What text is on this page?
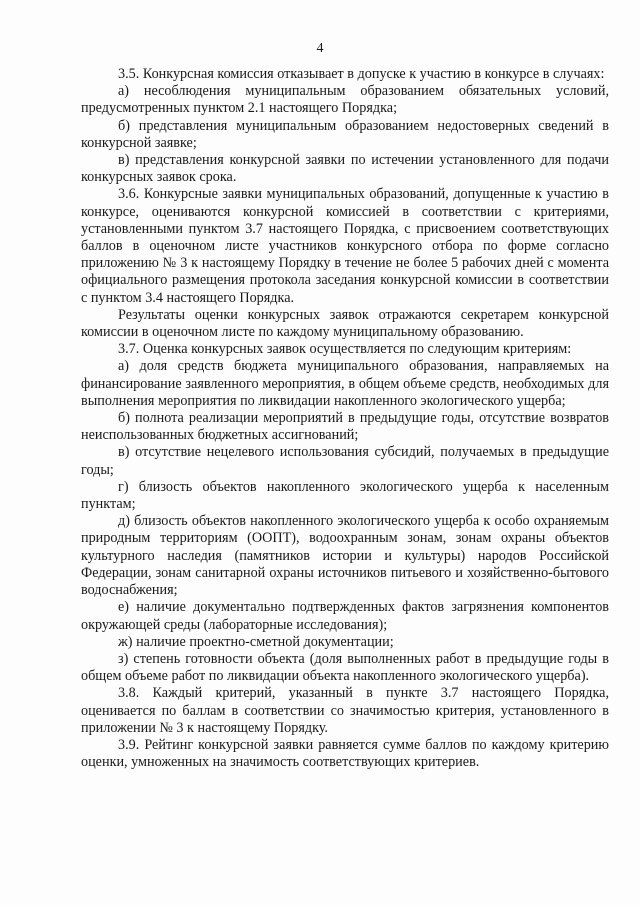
4

3.5. Конкурсная комиссия отказывает в допуске к участию в конкурсе в случаях:

а) несоблюдения муниципальным образованием обязательных условий, предусмотренных пунктом 2.1 настоящего Порядка;

б) представления муниципальным образованием недостоверных сведений в конкурсной заявке;

в) представления конкурсной заявки по истечении установленного для подачи конкурсных заявок срока.

3.6. Конкурсные заявки муниципальных образований, допущенные к участию в конкурсе, оцениваются конкурсной комиссией в соответствии с критериями, установленными пунктом 3.7 настоящего Порядка, с присвоением соответствующих баллов в оценочном листе участников конкурсного отбора по форме согласно приложению № 3 к настоящему Порядку в течение не более 5 рабочих дней с момента официального размещения протокола заседания конкурсной комиссии в соответствии с пунктом 3.4 настоящего Порядка.

Результаты оценки конкурсных заявок отражаются секретарем конкурсной комиссии в оценочном листе по каждому муниципальному образованию.

3.7. Оценка конкурсных заявок осуществляется по следующим критериям:

а) доля средств бюджета муниципального образования, направляемых на финансирование заявленного мероприятия, в общем объеме средств, необходимых для выполнения мероприятия по ликвидации накопленного экологического ущерба;

б) полнота реализации мероприятий в предыдущие годы, отсутствие возвратов неиспользованных бюджетных ассигнований;

в) отсутствие нецелевого использования субсидий, получаемых в предыдущие годы;

г) близость объектов накопленного экологического ущерба к населенным пунктам;

д) близость объектов накопленного экологического ущерба к особо охраняемым природным территориям (ООПТ), водоохранным зонам, зонам охраны объектов культурного наследия (памятников истории и культуры) народов Российской Федерации, зонам санитарной охраны источников питьевого и хозяйственно-бытового водоснабжения;

е) наличие документально подтвержденных фактов загрязнения компонентов окружающей среды (лабораторные исследования);

ж) наличие проектно-сметной документации;

з) степень готовности объекта (доля выполненных работ в предыдущие годы в общем объеме работ по ликвидации объекта накопленного экологического ущерба).

3.8. Каждый критерий, указанный в пункте 3.7 настоящего Порядка, оценивается по баллам в соответствии со значимостью критерия, установленного в приложении № 3 к настоящему Порядку.

3.9. Рейтинг конкурсной заявки равняется сумме баллов по каждому критерию оценки, умноженных на значимость соответствующих критериев.
